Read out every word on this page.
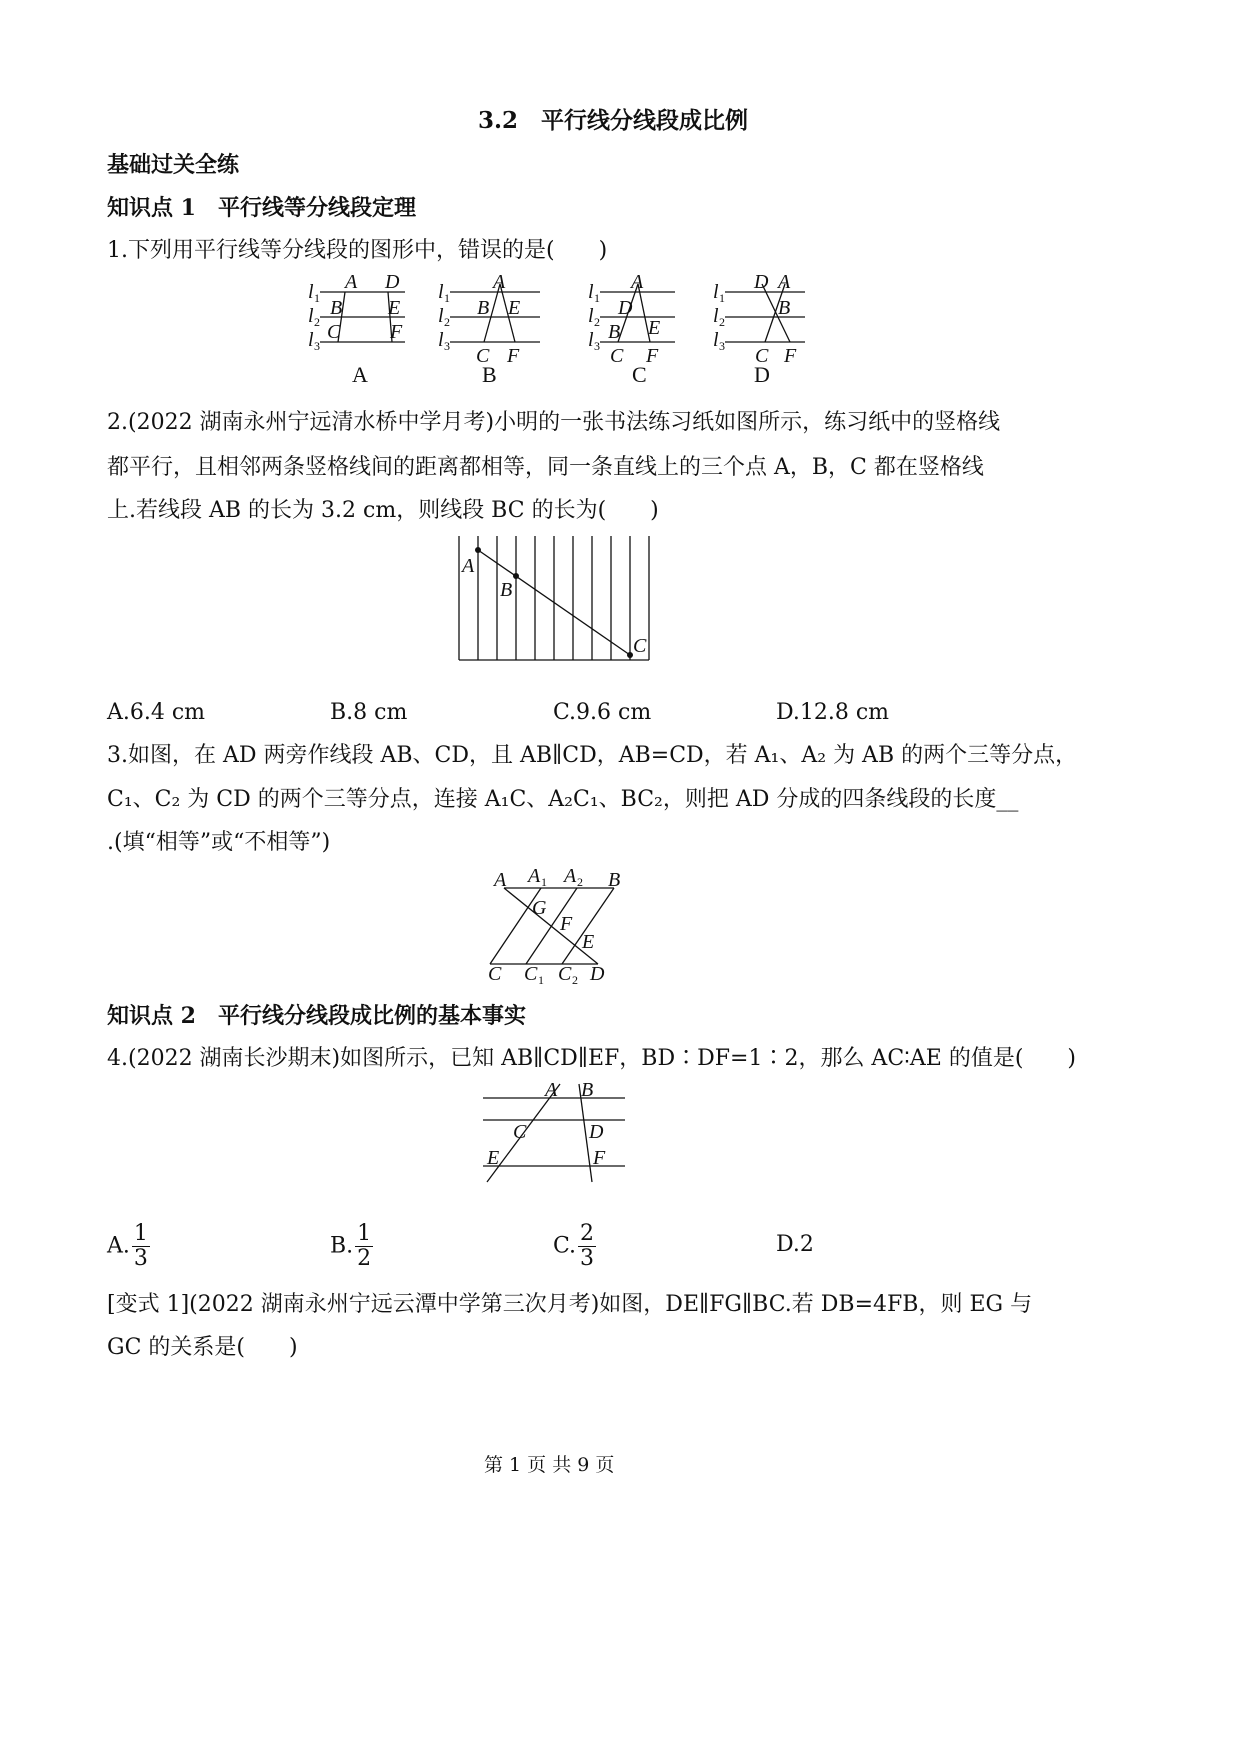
3.2　平行线分线段成比例
基础过关全练
知识点 1　平行线等分线段定理
1.下列用平行线等分线段的图形中，错误的是(　　)
l 1
l 2
l 3
A D
B E
C F
A
l 1
l 2
l 3
A
B E
C F
B
l 1
l 2
l 3
A
D
B E
C F
C
l 1
l 2
l 3
D A
B
C F
D
2.(2022 湖南永州宁远清水桥中学月考)小明的一张书法练习纸如图所示，练习纸中的竖格线
都平行，且相邻两条竖格线间的距离都相等，同一条直线上的三个点 A，B，C 都在竖格线
上.若线段 AB 的长为 3.2 cm，则线段 BC 的长为(　　)
A
B
C
A.6.4 cm	B.8 cm	C.9.6 cm	D.12.8 cm
3.如图，在 AD 两旁作线段 AB、CD，且 AB∥CD，AB=CD，若 A₁、A₂ 为 AB 的两个三等分点，
C₁、C₂ 为 CD 的两个三等分点，连接 A₁C、A₂C₁、BC₂，则把 AD 分成的四条线段的长度__
.(填“相等”或“不相等”)
A A 1 A 2 B
G
F
E
C C 1 C 2 D
知识点 2　平行线分线段成比例的基本事实
4.(2022 湖南长沙期末)如图所示，已知 AB∥CD∥EF，BD∶DF=1∶2，那么 AC∶AE 的值是(　　)
A B
C	D
E	F
A. $\frac{1}{3}$	B. $\frac{1}{2}$	C. $\frac{2}{3}$	D.2
[变式 1](2022 湖南永州宁远云潭中学第三次月考)如图，DE∥FG∥BC.若 DB=4FB，则 EG 与
GC 的关系是(　　)
第 1 页 共 9 页
